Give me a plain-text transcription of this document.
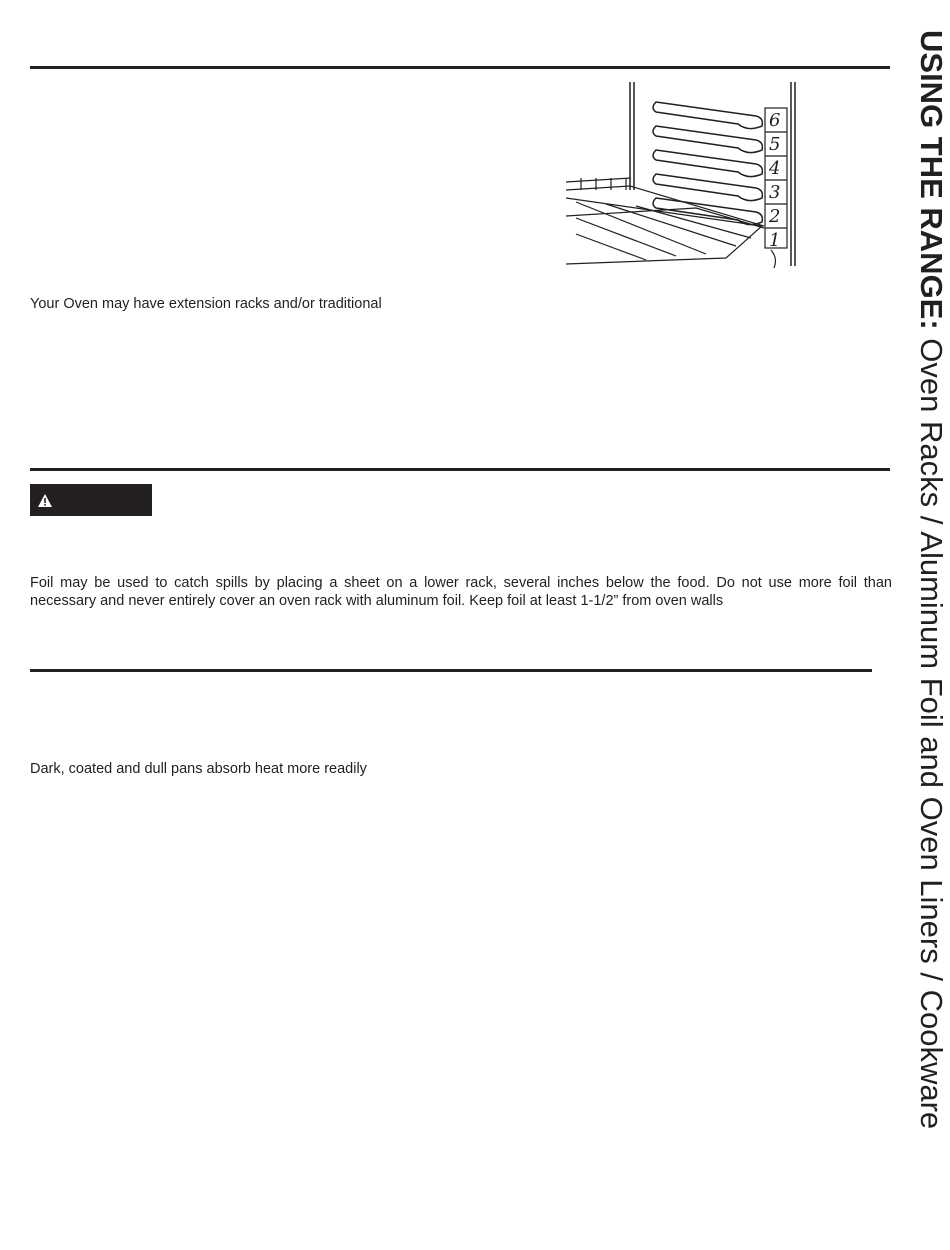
6
5
4
3
2
1

Your Oven may have extension racks and/or traditional

Foil may be used to catch spills by placing a sheet on a lower rack, several inches below the food. Do not use more foil than necessary and never entirely cover an oven rack with aluminum foil. Keep foil at least 1-1/2” from oven walls

Dark, coated and dull pans absorb heat more readily

USING THE RANGE: Oven Racks / Aluminum Foil and Oven Liners / Cookware
